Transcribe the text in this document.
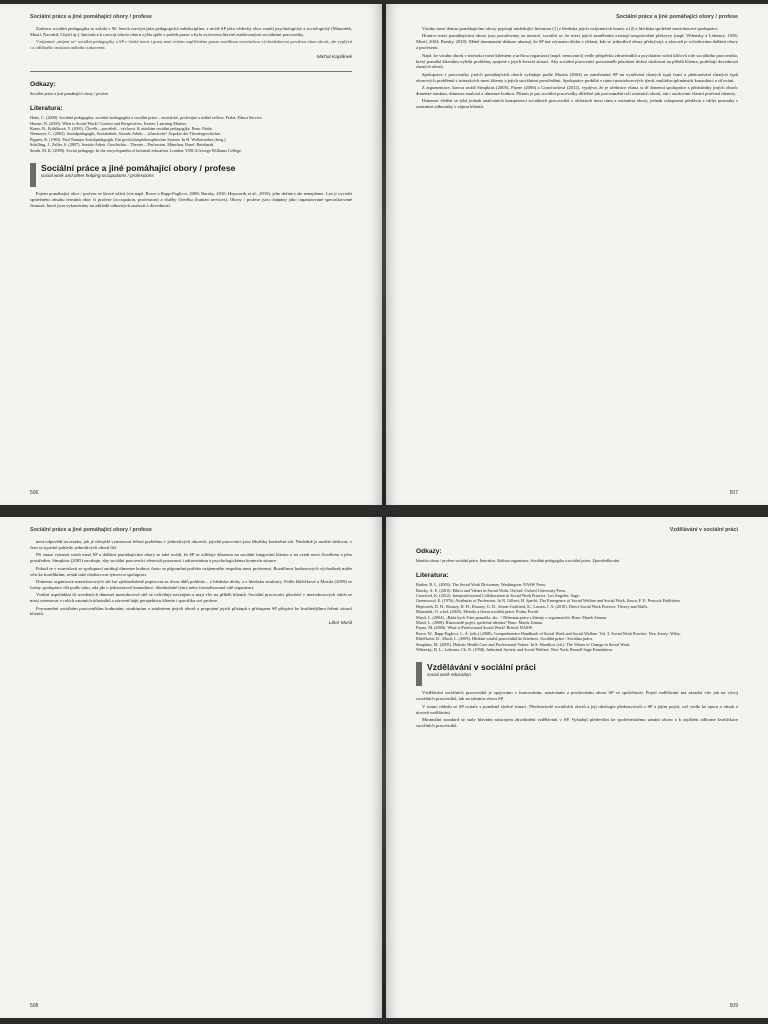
Sociální práce a jiné pomáhající obory / profese

Zatímco sociální pedagogika se začala v 90. letech rozvíjet jako pedagogická subdisciplína, z nichž SP jako vědecký obor vznikl psychologický a sociologický (Matoušek, Musil, Navrátil, Chytil aj.). Iniciativa k rozvoji tohoto oboru vyšla spíše z potřeb praxe a byla vyslovena hlavně etablovanými sociálními pracovníky.

Vzájemné „míjení se“ sociální pedagogiky a SP v české teorii i praxi není ovšem zapříčiněno pouze rozdílnou teoretickou východiskovou povahou obou oborů, ale vyplývá i z odlišného institucionálního zakotvení.

Michal Kaplánek
Odkazy:
Sociální práce a jiné pomáhající obory / profese
Literatura:

Hatie, C. (2009). Sociální pedagogika, sociální andragogika a sociální práce – teoretické, profesijné a reálné reflexe. Praha: Educa Service.

Horner, N. (2005). What is Social Work? Context and Perspectives. Exeter: Learning Matters.

Kraus, B., Poláčková, V. (2001). Člověk – prostředí – výchova. K otázkám sociální pedagogiky. Brno: Paido.

Niemeyer, C. (2002). Sozialpädagogik, Sozialarbeit, Soziale Arbeit – „klassische“ Aspekte der Theoriegeschichte.

Pippert, R. (1983). Paul Natorps Sozialpädagogik. Ein geschichtsphilosophisches System. In H. Wollenweber (hrsg.)

Schilling, J., Zeller, S. (2007). Soziale Arbeit. Geschichte – Theorie – Profession. München, Basel: Reinhardt.

Smith, M. K. (2009). Social pedagogy. In the encyclopaedia of informal education. London: YMCA George Williams College.

Sociální práce a jiné pomáhající obory / profese
social work and other helping occupations / professions

Pojem pomáhající obor / profese se širocé užívá (viz např. Rowe a Rapp-Paglicci, 2008; Barsky, 2010; Hepworth et al., 2010), jeho definici ale nenajdeme. Lze ji vyvodit společném obsahu termínů obor či profese (occupation, profession) a služby člověku (human services). Obory / profese jsou chápány jako organizované specializované činnosti, které jsou vykonávány na základě odborných znalostí a dovedností.

506
Sociální práce a jiné pomáhající obory / profese

Vztahy mezi těmito pomáhajícími obory popisují následující literatura (1) z hlediska jejich vzájemných hranic a (2) z hlediska společné mezioborové spolupráce.

Hranice mezi pomáhajícími obory jsou považovány za neostré, sociální se, že mezi jejich zaměřením existují neoprávněné překryvy (např. Wilensky a Lebeaux, 1958; Musil, 2004; Barsky, 2010). Méně dominantní diskuse ukazují, že SP má výraznou úlohu v oblasti, kde se jednotlivé obory překrývají, a zároveň je ovlivňována dalšími obory a profesemi.

Např. ke vztahu oborů v interakci mezi klientem a určitou organizací (např. nemocnicí) vedle příspěvku zdravotníků a psychiatrie stává klíčová role sociálního pracovníka, který pomáhá klientům vyřešit problémy spojené s jejich životní situací. Aby sociální pracovníci porozuměli působení těchto okolností na příběh klienta, potřebují dovednosti různých oborů.

Spolupráce s pracovníky jiných pomáhajících oborů vyžaduje podle Musila (2004) ze zaměstnání SP na využívání různých typů fanci a překonávání různých typů oborových problémů v interakcích mezi klienty a jejich sociálními prostředími. Spolupráce probíhá v rámci mezioborových týmů, multidisciplinárních konzultací a síťování.

Z argumentace, kterou uvádí Simpkins (2005), Payne (2006) a Crawfordová (2012), vyplývá, že je učebnice všima si tří dimenzí spolupráce s příslušníky jiných oborů: dimenze struktur, dimenze znalostí a dimenze hodnot. Přitom je pro sociální pracovníky důležité jak porozumění roli ostatních oborů, tak i zachování vlastní profesní identity.

Dimenze vědění se týká jednak znalostních kompetencí sociálních pracovníků v oblastech mezi nimi a ostatními obory, jednak schopnosti předávat a sdílet poznatky s ostatními odborníky v zájmu klientů.

507
Sociální práce a jiné pomáhající obory / profese

není odpovědí na otázku, jak je obvyklé vymezovat řešení problému v jednotlivých oborech, jejichž pracovníci jsou lékařsky konkrétní síti. Následně je možné sledovat, v čem se typické pohledy jednotlivých oborů liší.

Při snaze vymezit vztah mezi SP a dalšími pomáhajícími obory se také uvádí, že SP se odlišuje důrazem na sociální fungování klienta a na vztah mezi člověkem a jeho prostředím. Simpkins (2005) navrhuje, aby sociální pracovníci věnovali pozornost i zdravotnímu a psychologickému kontextu situace.

Pokud se v souvislosti se spoluprací zmiňují dimenze hodnot, často se připomíná potřeba vzájemného respektu mezi profesemi. Rozdílnost hodnotových východisek může vést ke konfliktům, avšak také obohacovat týmovou spolupráci.

Dimenze organizace mezioborových sítí lze zjednodušeně popisovat ze dvou úhlů pohledu – z hlediska úlohy a z hlediska struktury. Podle Růžičkové a Musila (2009) se formy spolupráce liší podle toho, zda jde o jednorázové konzultace, dlouhodobé týmy nebo formalizované sítě organizací.

Vnitřní uspořádání tří uvedených dimenzí mezioborové sítě se ovlivňuje navzájem a mají vliv na příběh klientů. Sociální pracovníci působící v mezioborových sítích se musí orientovat v rolích ostatních účastníků a zároveň hájit perspektivu klienta i specifika své profese.

Porozumění sociálním pracovníkům hodnotám, strukturám a znalostem jiných oborů a propojení jejich přístupů s přístupem SP přispívá ke kvalitnějšímu řešení situací klientů.

Libor Musil
508
Vzdělávání v sociální práci
Odkazy:
Identita oboru / profese sociální práce, Interakce, Kultura organizace, Sociální pedagogika a sociální práce, Zprostředkování
Literatura:

Barker, R. L. (2003). The Social Work Dictionary. Washington: NASW Press.

Barsky, A. E. (2010). Ethics and Values in Social Work. Oxford: Oxford University Press.

Crawford, K. (2012). Interprofessional Collaboration in Social Work Practice. Los Angeles: Sage.

Greenwood, E. (1976). Attributes of Profession. In N. Gilbert, H. Specht. The Emergence of Social Welfare and Social Work. Itasca: F. E. Peacock Publishers.

Hepworth, D. H., Rooney, R. H., Rooney, G. D., Strom-Gottfried, K., Larsen, J. A. (2010). Direct Social Work Practice. Theory and Skills.

Matoušek, O. a kol. (2003). Metody a řízení sociální práce. Praha: Portál.

Musil, L. (2004). „Ráda bych Vám pomohla, ale...“ Dilemata práce s klienty v organizacích. Brno: Marek Zeman.

Musil, L. (2008). Různorodé pojetí, společná identita? Brno: Marek Zeman.

Payne, M. (2006). What is Professional Social Work? Bristol: BASW.

Rowe, W., Rapp-Paglicci, L. A. (eds.) (2008). Comprehensive Handbook of Social Work and Social Welfare. Vol. 3. Social Work Practice. New Jersey: Wiley.

Růžičková, D., Musil, L. (2009). Hledání vztahů pracovníků ke klientovi. Sociální práce / Sociálna práca.

Simpkins, M. (2005). Holistic Health Care and Professional Values. In S. Shardlow (ed.): The Values of Change in Social Work.

Wilensky, H. L., Lebeaux, Ch. N. (1958). Industrial Society and Social Welfare. New York: Russell Sage Foundation.

Vzdělávání v sociální práci
social work education

Vzdělávání sociálních pracovníků je spojováno s formováním, uznáváním a posilováním oboru SP ve společnosti. Pojetí vzdělávání má zásadní vliv jak na vývoj sociálních pracovníků, tak na identitu oboru SP.

V tomto ohledu se SP ocitala v poměrně složité situaci. Představitelé sociálních oborů a její ideologie představovali o SP a jejím pojetí, což vedlo ke sporu o obsah a úroveň vzdělávání.

Minimální standard se staly hlavním nástrojem zkvalitnění vzdělávání v SP. Vyžadují především ke společenskému uznání oboru a k zajištění odborné kvalifikace sociálních pracovníků.

509
